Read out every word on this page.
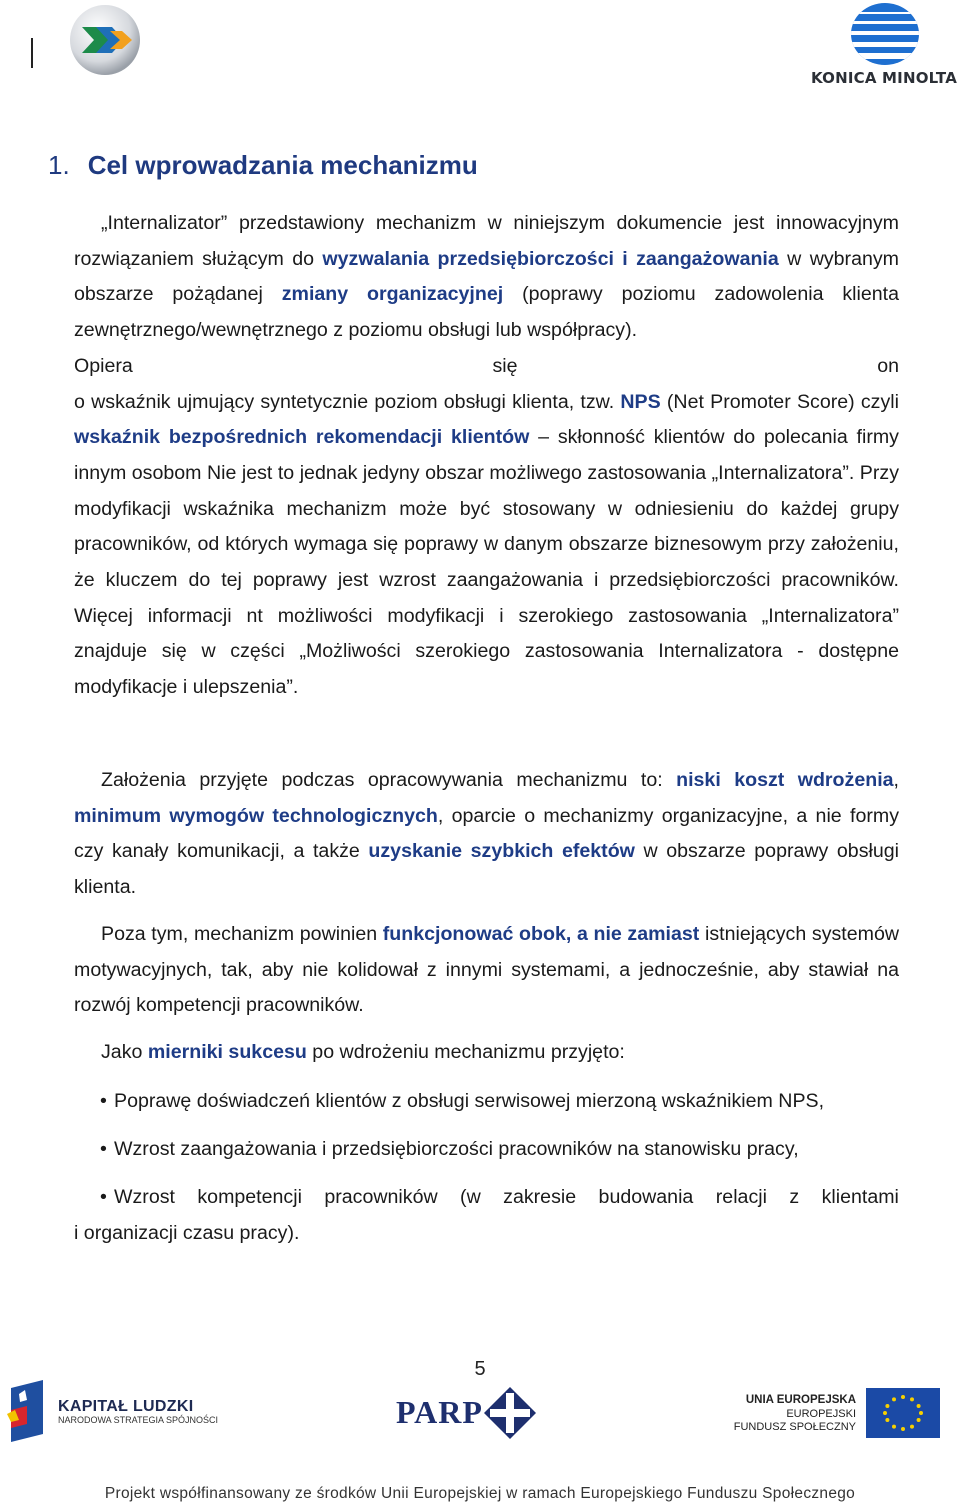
KONICA MINOLTA
1. Cel wprowadzania mechanizmu
„Internalizator” przedstawiony mechanizm w niniejszym dokumencie jest innowacyjnym rozwiązaniem służącym do wyzwalania przedsiębiorczości i zaangażowania w wybranym obszarze pożądanej zmiany organizacyjnej (poprawy poziomu zadowolenia klienta zewnętrznego/wewnętrznego z poziomu obsługi lub współpracy).
Opiera	się	on
o wskaźnik ujmujący syntetycznie poziom obsługi klienta, tzw. NPS (Net Promoter Score) czyli wskaźnik bezpośrednich rekomendacji klientów – skłonność klientów do polecania firmy innym osobom Nie jest to jednak jedyny obszar możliwego zastosowania „Internalizatora”. Przy modyfikacji wskaźnika mechanizm może być stosowany w odniesieniu do każdej grupy pracowników, od których wymaga się poprawy w danym obszarze biznesowym przy założeniu, że kluczem do tej poprawy jest wzrost zaangażowania i przedsiębiorczości pracowników. Więcej informacji nt możliwości modyfikacji i szerokiego zastosowania „Internalizatora” znajduje się w części „Możliwości szerokiego zastosowania Internalizatora - dostępne modyfikacje i ulepszenia”.
Założenia przyjęte podczas opracowywania mechanizmu to: niski koszt wdrożenia, minimum wymogów technologicznych, oparcie o mechanizmy organizacyjne, a nie formy czy kanały komunikacji, a także uzyskanie szybkich efektów w obszarze poprawy obsługi klienta.
Poza tym, mechanizm powinien funkcjonować obok, a nie zamiast istniejących systemów motywacyjnych, tak, aby nie kolidował z innymi systemami, a jednocześnie, aby stawiał na rozwój kompetencji pracowników.
Jako mierniki sukcesu po wdrożeniu mechanizmu przyjęto:
• Poprawę doświadczeń klientów z obsługi serwisowej mierzoną wskaźnikiem NPS,
• Wzrost zaangażowania i przedsiębiorczości pracowników na stanowisku pracy,
• Wzrost kompetencji pracowników (w zakresie budowania relacji z klientami
i organizacji czasu pracy).
5
KAPITAŁ LUDZKI
NARODOWA STRATEGIA SPÓJNOŚCI	PARP	UNIA EUROPEJSKA
EUROPEJSKI
FUNDUSZ SPOŁECZNY
Projekt współfinansowany ze środków Unii Europejskiej w ramach Europejskiego Funduszu Społecznego
